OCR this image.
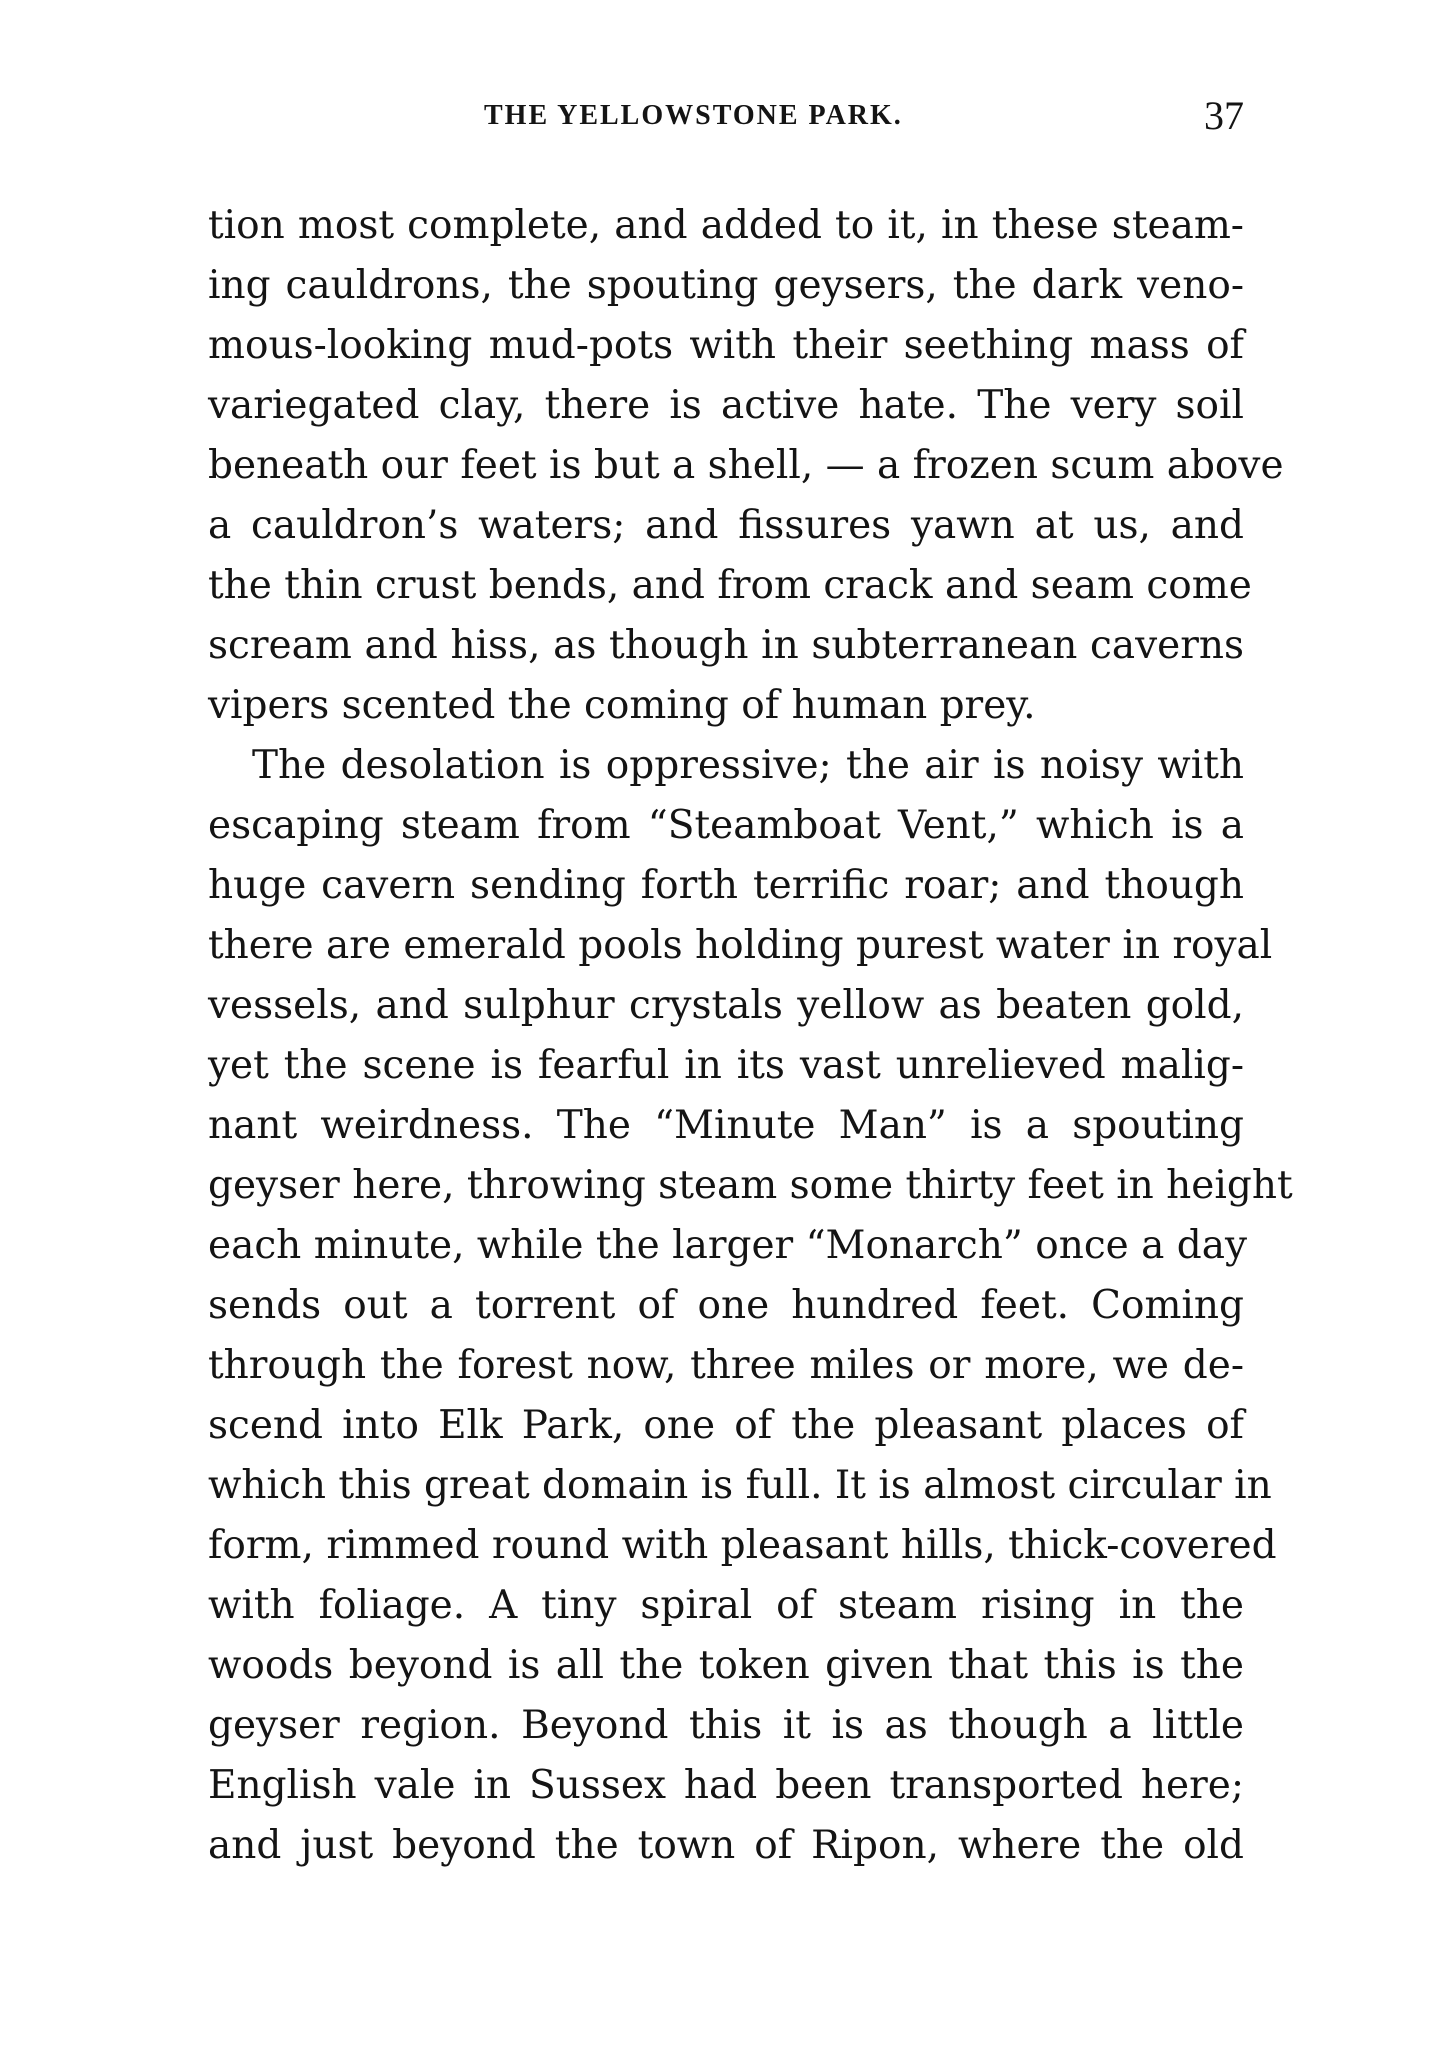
THE YELLOWSTONE PARK.	37
tion most complete, and added to it, in these steam-
ing cauldrons, the spouting geysers, the dark veno-
mous-looking mud-pots with their seething mass of
variegated clay, there is active hate. The very soil
beneath our feet is but a shell, — a frozen scum above
a cauldron’s waters; and fissures yawn at us, and
the thin crust bends, and from crack and seam come
scream and hiss, as though in subterranean caverns
vipers scented the coming of human prey.
The desolation is oppressive; the air is noisy with
escaping steam from “Steamboat Vent,” which is a
huge cavern sending forth terrific roar; and though
there are emerald pools holding purest water in royal
vessels, and sulphur crystals yellow as beaten gold,
yet the scene is fearful in its vast unrelieved malig-
nant weirdness. The “Minute Man” is a spouting
geyser here, throwing steam some thirty feet in height
each minute, while the larger “Monarch” once a day
sends out a torrent of one hundred feet. Coming
through the forest now, three miles or more, we de-
scend into Elk Park, one of the pleasant places of
which this great domain is full. It is almost circular in
form, rimmed round with pleasant hills, thick-covered
with foliage. A tiny spiral of steam rising in the
woods beyond is all the token given that this is the
geyser region. Beyond this it is as though a little
English vale in Sussex had been transported here;
and just beyond the town of Ripon, where the old
